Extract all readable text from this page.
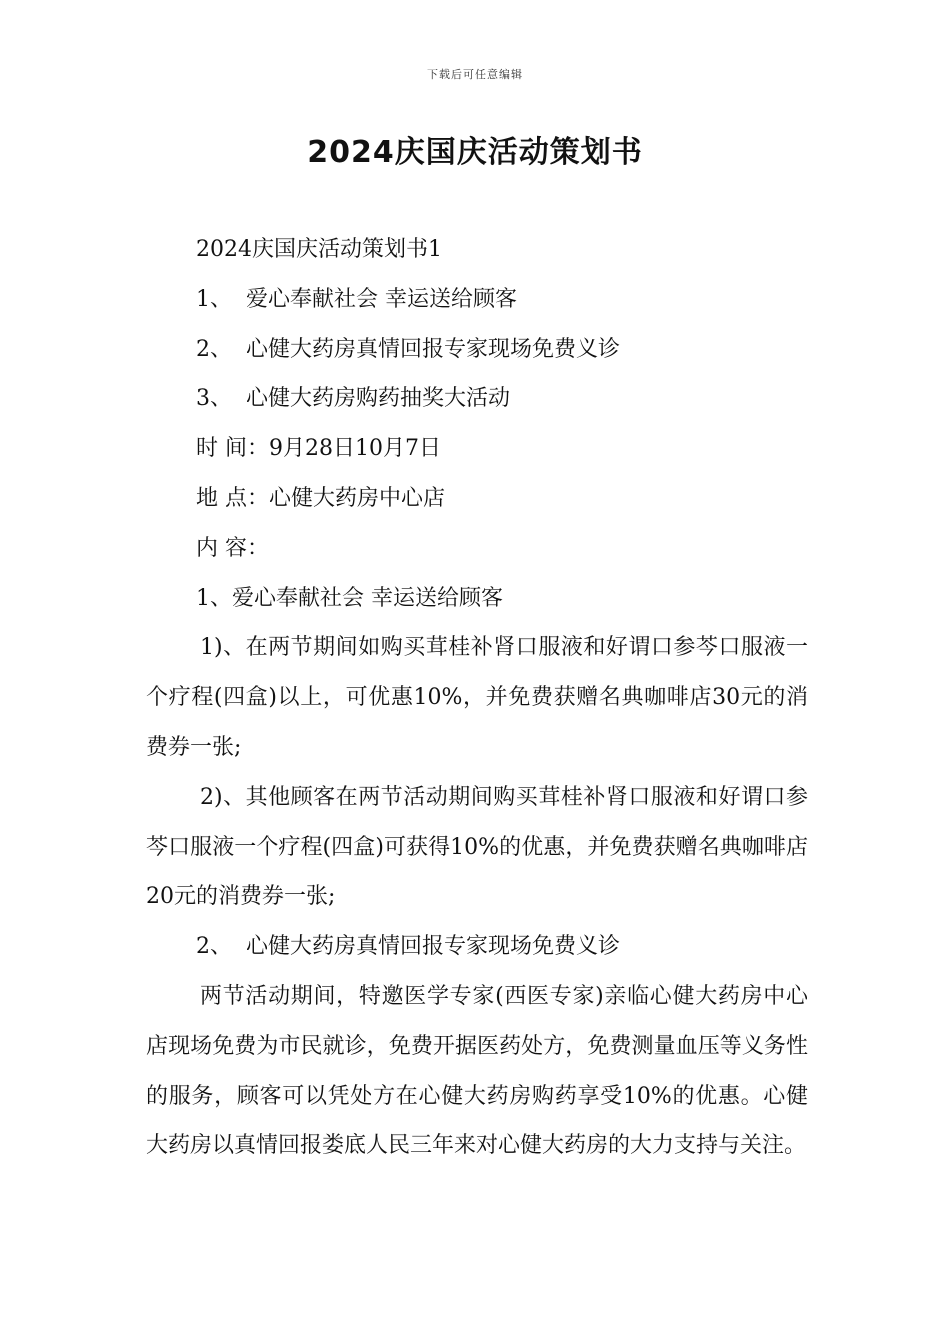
下载后可任意编辑
2024庆国庆活动策划书
2024庆国庆活动策划书1
1、  爱心奉献社会 幸运送给顾客
2、  心健大药房真情回报专家现场免费义诊
3、  心健大药房购药抽奖大活动
时 间：9月28日10月7日
地 点：心健大药房中心店
内 容：
1、爱心奉献社会 幸运送给顾客

1)、在两节期间如购买茸桂补肾口服液和好谓口参芩口服液一个疗程(四盒)以上，可优惠10%，并免费获赠名典咖啡店30元的消费券一张;

2)、其他顾客在两节活动期间购买茸桂补肾口服液和好谓口参芩口服液一个疗程(四盒)可获得10%的优惠，并免费获赠名典咖啡店20元的消费券一张;

2、  心健大药房真情回报专家现场免费义诊

两节活动期间，特邀医学专家(西医专家)亲临心健大药房中心店现场免费为市民就诊，免费开据医药处方，免费测量血压等义务性的服务，顾客可以凭处方在心健大药房购药享受10%的优惠。心健大药房以真情回报娄底人民三年来对心健大药房的大力支持与关注。
